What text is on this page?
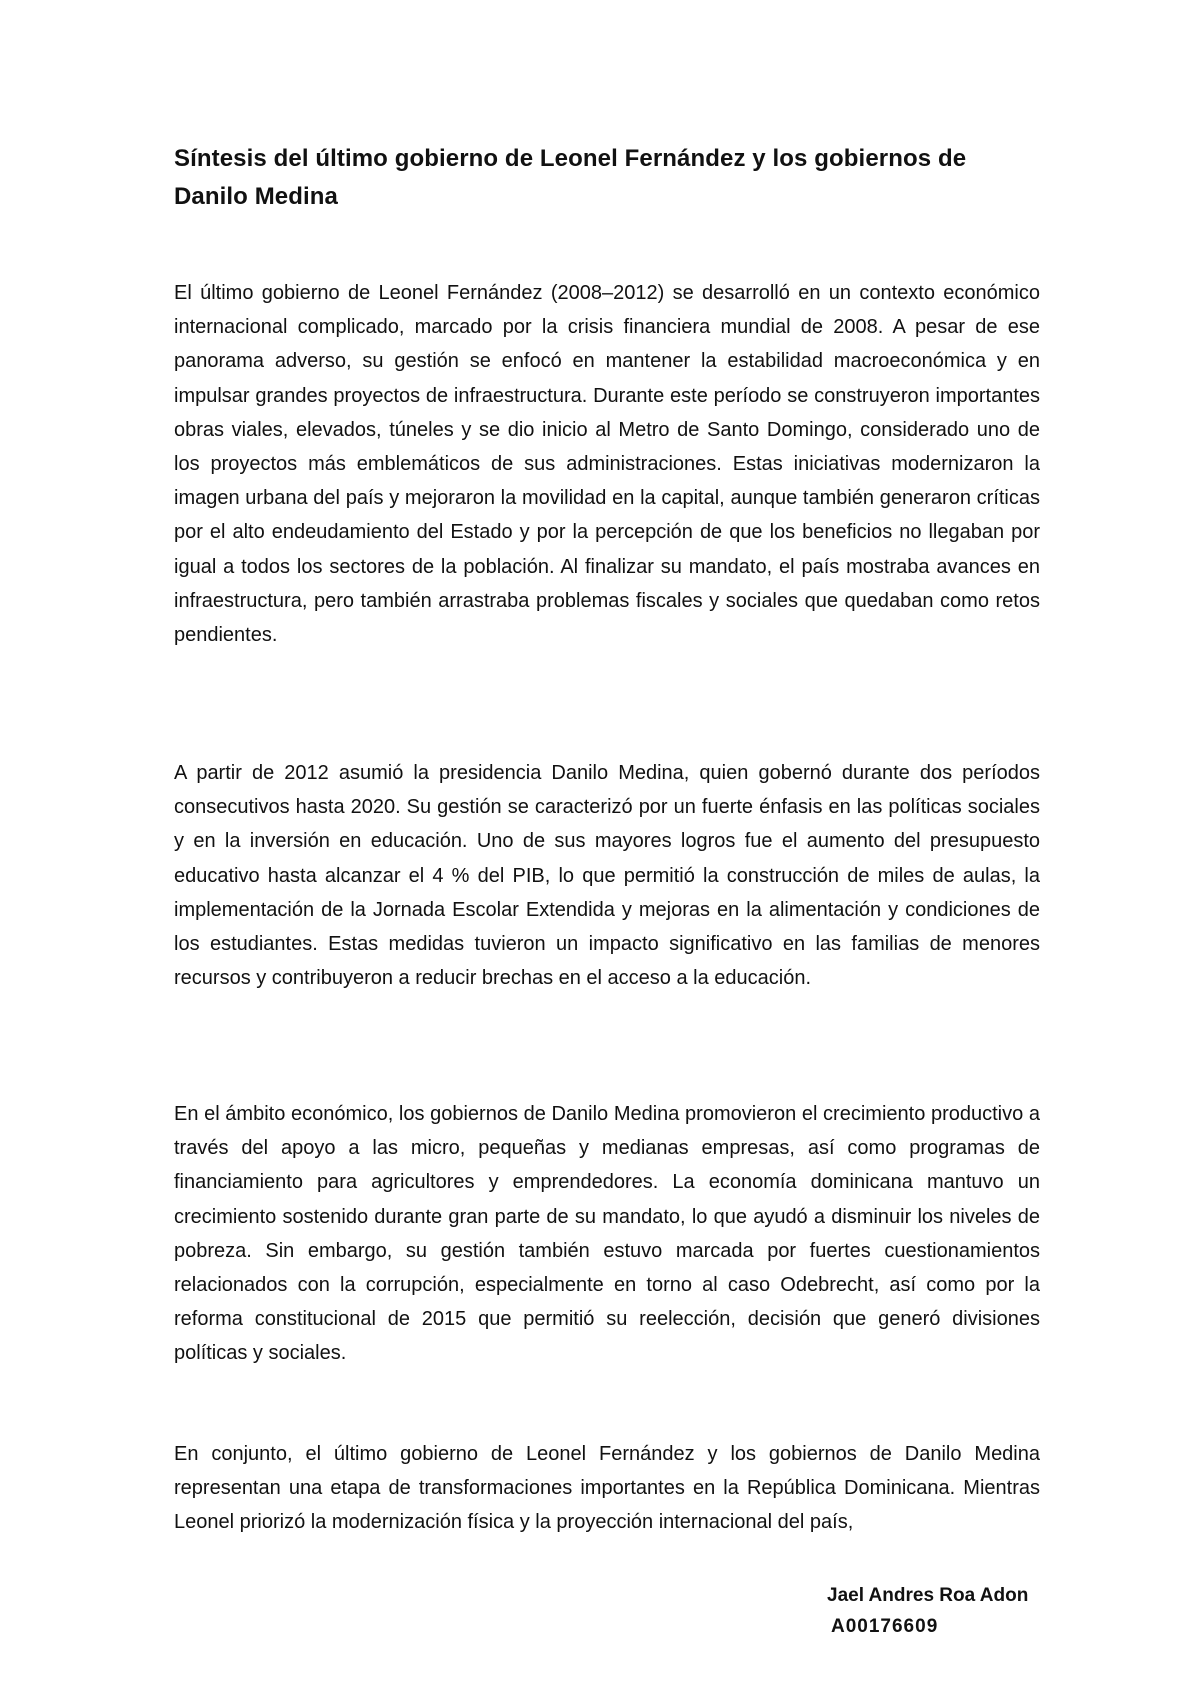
Síntesis del último gobierno de Leonel Fernández y los gobiernos de Danilo Medina

El último gobierno de Leonel Fernández (2008–2012) se desarrolló en un contexto económico internacional complicado, marcado por la crisis financiera mundial de 2008. A pesar de ese panorama adverso, su gestión se enfocó en mantener la estabilidad macroeconómica y en impulsar grandes proyectos de infraestructura. Durante este período se construyeron importantes obras viales, elevados, túneles y se dio inicio al Metro de Santo Domingo, considerado uno de los proyectos más emblemáticos de sus administraciones. Estas iniciativas modernizaron la imagen urbana del país y mejoraron la movilidad en la capital, aunque también generaron críticas por el alto endeudamiento del Estado y por la percepción de que los beneficios no llegaban por igual a todos los sectores de la población. Al finalizar su mandato, el país mostraba avances en infraestructura, pero también arrastraba problemas fiscales y sociales que quedaban como retos pendientes.

A partir de 2012 asumió la presidencia Danilo Medina, quien gobernó durante dos períodos consecutivos hasta 2020. Su gestión se caracterizó por un fuerte énfasis en las políticas sociales y en la inversión en educación. Uno de sus mayores logros fue el aumento del presupuesto educativo hasta alcanzar el 4 % del PIB, lo que permitió la construcción de miles de aulas, la implementación de la Jornada Escolar Extendida y mejoras en la alimentación y condiciones de los estudiantes. Estas medidas tuvieron un impacto significativo en las familias de menores recursos y contribuyeron a reducir brechas en el acceso a la educación.

En el ámbito económico, los gobiernos de Danilo Medina promovieron el crecimiento productivo a través del apoyo a las micro, pequeñas y medianas empresas, así como programas de financiamiento para agricultores y emprendedores. La economía dominicana mantuvo un crecimiento sostenido durante gran parte de su mandato, lo que ayudó a disminuir los niveles de pobreza. Sin embargo, su gestión también estuvo marcada por fuertes cuestionamientos relacionados con la corrupción, especialmente en torno al caso Odebrecht, así como por la reforma constitucional de 2015 que permitió su reelección, decisión que generó divisiones políticas y sociales.

En conjunto, el último gobierno de Leonel Fernández y los gobiernos de Danilo Medina representan una etapa de transformaciones importantes en la República Dominicana. Mientras Leonel priorizó la modernización física y la proyección internacional del país,

Jael Andres Roa Adon
A00176609
